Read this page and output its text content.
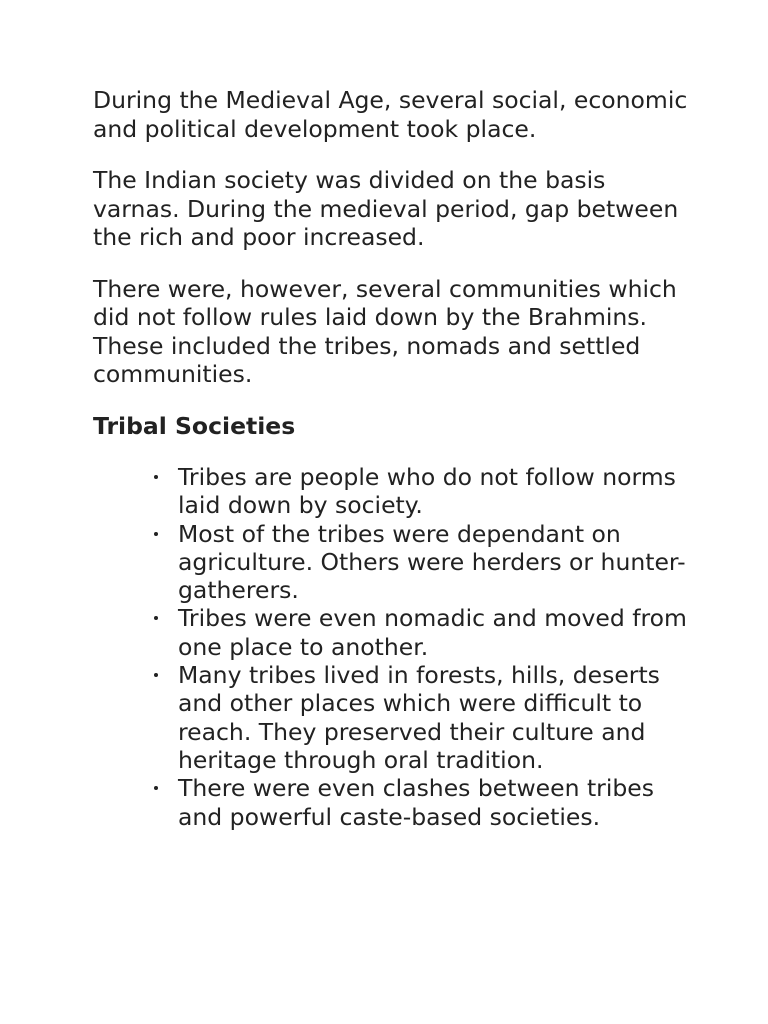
During the Medieval Age, several social, economic and political development took place.

The Indian society was divided on the basis varnas. During the medieval period, gap between the rich and poor increased.

There were, however, several communities which did not follow rules laid down by the Brahmins. These included the tribes, nomads and settled communities.

Tribal Societies
Tribes are people who do not follow norms laid down by society.
Most of the tribes were dependant on agriculture. Others were herders or hunter-gatherers.
Tribes were even nomadic and moved from one place to another.
Many tribes lived in forests, hills, deserts and other places which were difficult to reach. They preserved their culture and heritage through oral tradition.
There were even clashes between tribes and powerful caste-based societies.
